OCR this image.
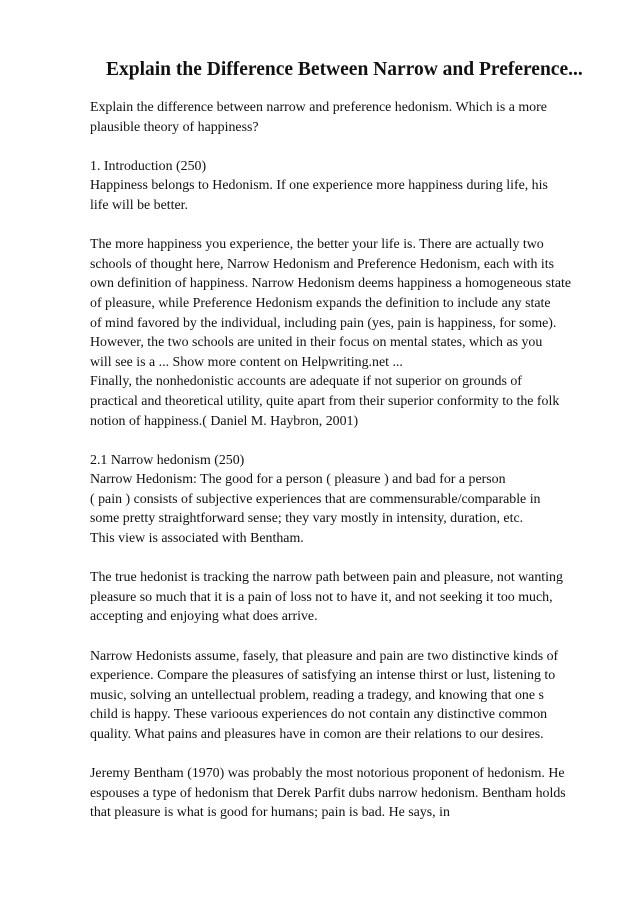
Explain the Difference Between Narrow and Preference...

Explain the difference between narrow and preference hedonism. Which is a more
plausible theory of happiness?

1. Introduction (250)
Happiness belongs to Hedonism. If one experience more happiness during life, his
life will be better.

The more happiness you experience, the better your life is. There are actually two
schools of thought here, Narrow Hedonism and Preference Hedonism, each with its
own definition of happiness. Narrow Hedonism deems happiness a homogeneous state
of pleasure, while Preference Hedonism expands the definition to include any state
of mind favored by the individual, including pain (yes, pain is happiness, for some).
However, the two schools are united in their focus on mental states, which as you
will see is a ... Show more content on Helpwriting.net ...
Finally, the nonhedonistic accounts are adequate if not superior on grounds of
practical and theoretical utility, quite apart from their superior conformity to the folk
notion of happiness.( Daniel M. Haybron, 2001)

2.1 Narrow hedonism (250)
Narrow Hedonism: The good for a person ( pleasure ) and bad for a person
( pain ) consists of subjective experiences that are commensurable/comparable in
some pretty straightforward sense; they vary mostly in intensity, duration, etc.
This view is associated with Bentham.

The true hedonist is tracking the narrow path between pain and pleasure, not wanting
pleasure so much that it is a pain of loss not to have it, and not seeking it too much,
accepting and enjoying what does arrive.

Narrow Hedonists assume, fasely, that pleasure and pain are two distinctive kinds of
experience. Compare the pleasures of satisfying an intense thirst or lust, listening to
music, solving an untellectual problem, reading a tradegy, and knowing that one s
child is happy. These varioous experiences do not contain any distinctive common
quality. What pains and pleasures have in comon are their relations to our desires.

Jeremy Bentham (1970) was probably the most notorious proponent of hedonism. He
espouses a type of hedonism that Derek Parfit dubs narrow hedonism. Bentham holds
that pleasure is what is good for humans; pain is bad. He says, in
